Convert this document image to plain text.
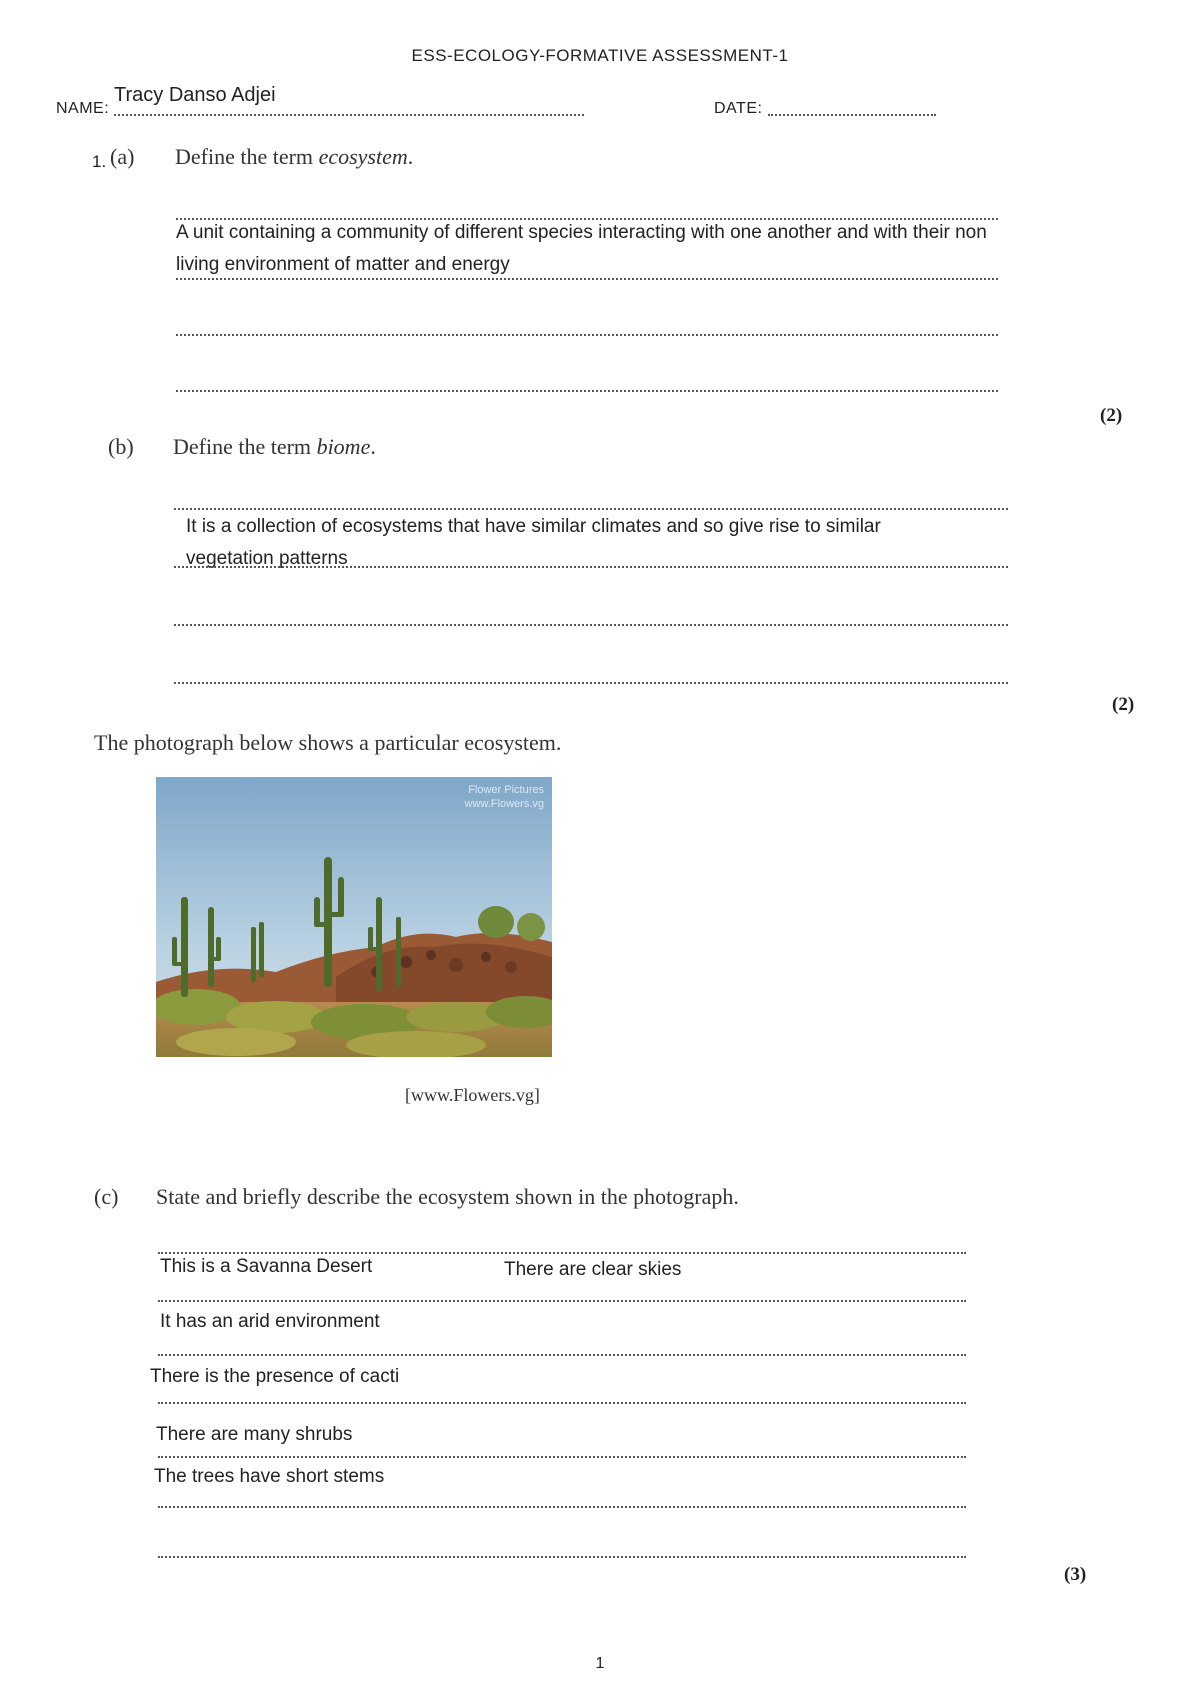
ESS-ECOLOGY-FORMATIVE ASSESSMENT-1
NAME:
Tracy Danso Adjei
DATE:
1. (a) Define the term ecosystem.
A unit containing a community of different species interacting with one another and with their non
living environment of matter and energy
(2)
(b) Define the term biome.
It is a collection of ecosystems that have similar climates and so give rise to similar
vegetation patterns
(2)
The photograph below shows a particular ecosystem.
Flower Pictures
www.Flowers.vg
[www.Flowers.vg]
(c) State and briefly describe the ecosystem shown in the photograph.
This is a Savanna Desert	There are clear skies
It has an arid environment
There is the presence of cacti
There are many shrubs
The trees have short stems
(3)
1
